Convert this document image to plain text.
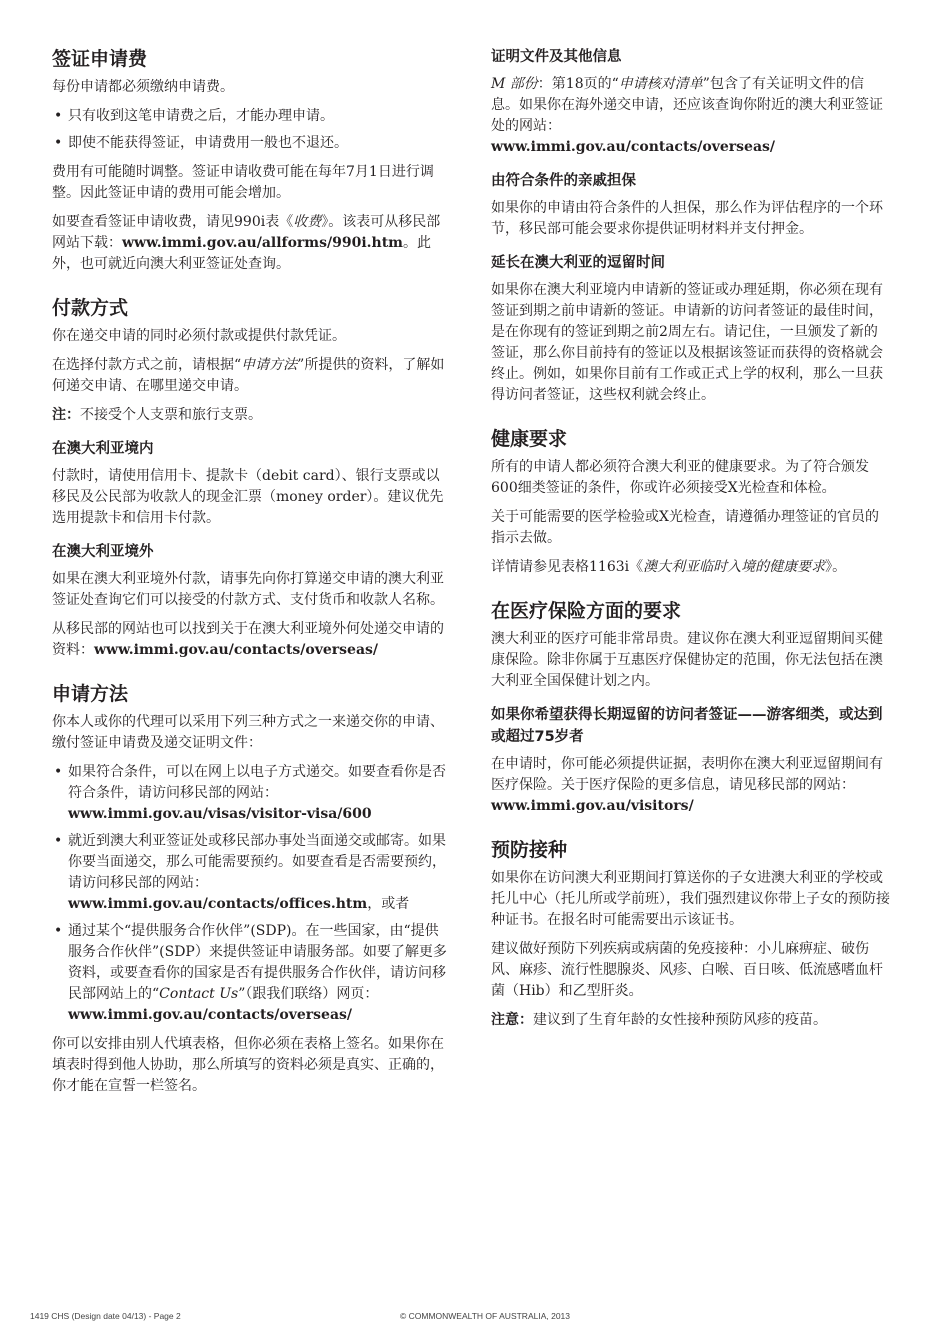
签证申请费

每份申请都必须缴纳申请费。

• 只有收到这笔申请费之后，才能办理申请。
• 即使不能获得签证，申请费用一般也不退还。

费用有可能随时调整。签证申请收费可能在每年7月1日进行调整。因此签证申请的费用可能会增加。

如要查看签证申请收费，请见990i表《收费》。该表可从移民部网站下载：www.immi.gov.au/allforms/990i.htm。此外，也可就近向澳大利亚签证处查询。

付款方式

你在递交申请的同时必须付款或提供付款凭证。

在选择付款方式之前，请根据“申请方法”所提供的资料，了解如何递交申请、在哪里递交申请。

注：不接受个人支票和旅行支票。

在澳大利亚境内

付款时，请使用信用卡、提款卡（debit card）、银行支票或以移民及公民部为收款人的现金汇票（money order）。建议优先选用提款卡和信用卡付款。

在澳大利亚境外

如果在澳大利亚境外付款，请事先向你打算递交申请的澳大利亚签证处查询它们可以接受的付款方式、支付货币和收款人名称。

从移民部的网站也可以找到关于在澳大利亚境外何处递交申请的资料：www.immi.gov.au/contacts/overseas/

申请方法

你本人或你的代理可以采用下列三种方式之一来递交你的申请、缴付签证申请费及递交证明文件：

• 如果符合条件，可以在网上以电子方式递交。如要查看你是否符合条件，请访问移民部的网站：
www.immi.gov.au/visas/visitor-visa/600
• 就近到澳大利亚签证处或移民部办事处当面递交或邮寄。如果你要当面递交，那么可能需要预约。如要查看是否需要预约，请访问移民部的网站：
www.immi.gov.au/contacts/offices.htm，或者
• 通过某个“提供服务合作伙伴”(SDP)。在一些国家，由“提供服务合作伙伴”(SDP）来提供签证申请服务部。如要了解更多资料，或要查看你的国家是否有提供服务合作伙伴，请访问移民部网站上的“Contact Us”（跟我们联络）网页：
www.immi.gov.au/contacts/overseas/

你可以安排由别人代填表格，但你必须在表格上签名。如果你在填表时得到他人协助，那么所填写的资料必须是真实、正确的，你才能在宣誓一栏签名。

证明文件及其他信息

M 部份：第18页的“申请核对清单”包含了有关证明文件的信息。如果你在海外递交申请，还应该查询你附近的澳大利亚签证处的网站：
www.immi.gov.au/contacts/overseas/

由符合条件的亲戚担保

如果你的申请由符合条件的人担保，那么作为评估程序的一个环节，移民部可能会要求你提供证明材料并支付押金。

延长在澳大利亚的逗留时间

如果你在澳大利亚境内申请新的签证或办理延期，你必须在现有签证到期之前申请新的签证。申请新的访问者签证的最佳时间，是在你现有的签证到期之前2周左右。请记住，一旦颁发了新的签证，那么你目前持有的签证以及根据该签证而获得的资格就会终止。例如，如果你目前有工作或正式上学的权利，那么一旦获得访问者签证，这些权利就会终止。

健康要求

所有的申请人都必须符合澳大利亚的健康要求。为了符合颁发600细类签证的条件，你或许必须接受X光检查和体检。

关于可能需要的医学检验或X光检查，请遵循办理签证的官员的指示去做。

详情请参见表格1163i《澳大利亚临时入境的健康要求》。

在医疗保险方面的要求

澳大利亚的医疗可能非常昂贵。建议你在澳大利亚逗留期间买健康保险。除非你属于互惠医疗保健协定的范围，你无法包括在澳大利亚全国保健计划之内。

如果你希望获得长期逗留的访问者签证——游客细类，或达到或超过75岁者

在申请时，你可能必须提供证据，表明你在澳大利亚逗留期间有医疗保险。关于医疗保险的更多信息，请见移民部的网站：www.immi.gov.au/visitors/

预防接种

如果你在访问澳大利亚期间打算送你的子女进澳大利亚的学校或托儿中心（托儿所或学前班），我们强烈建议你带上子女的预防接种证书。在报名时可能需要出示该证书。

建议做好预防下列疾病或病菌的免疫接种：小儿麻痹症、破伤风、麻疹、流行性腮腺炎、风疹、白喉、百日咳、低流感嗜血杆菌（Hib）和乙型肝炎。

注意：建议到了生育年龄的女性接种预防风疹的疫苗。

1419 CHS (Design date 04/13) - Page 2	© COMMONWEALTH OF AUSTRALIA, 2013
